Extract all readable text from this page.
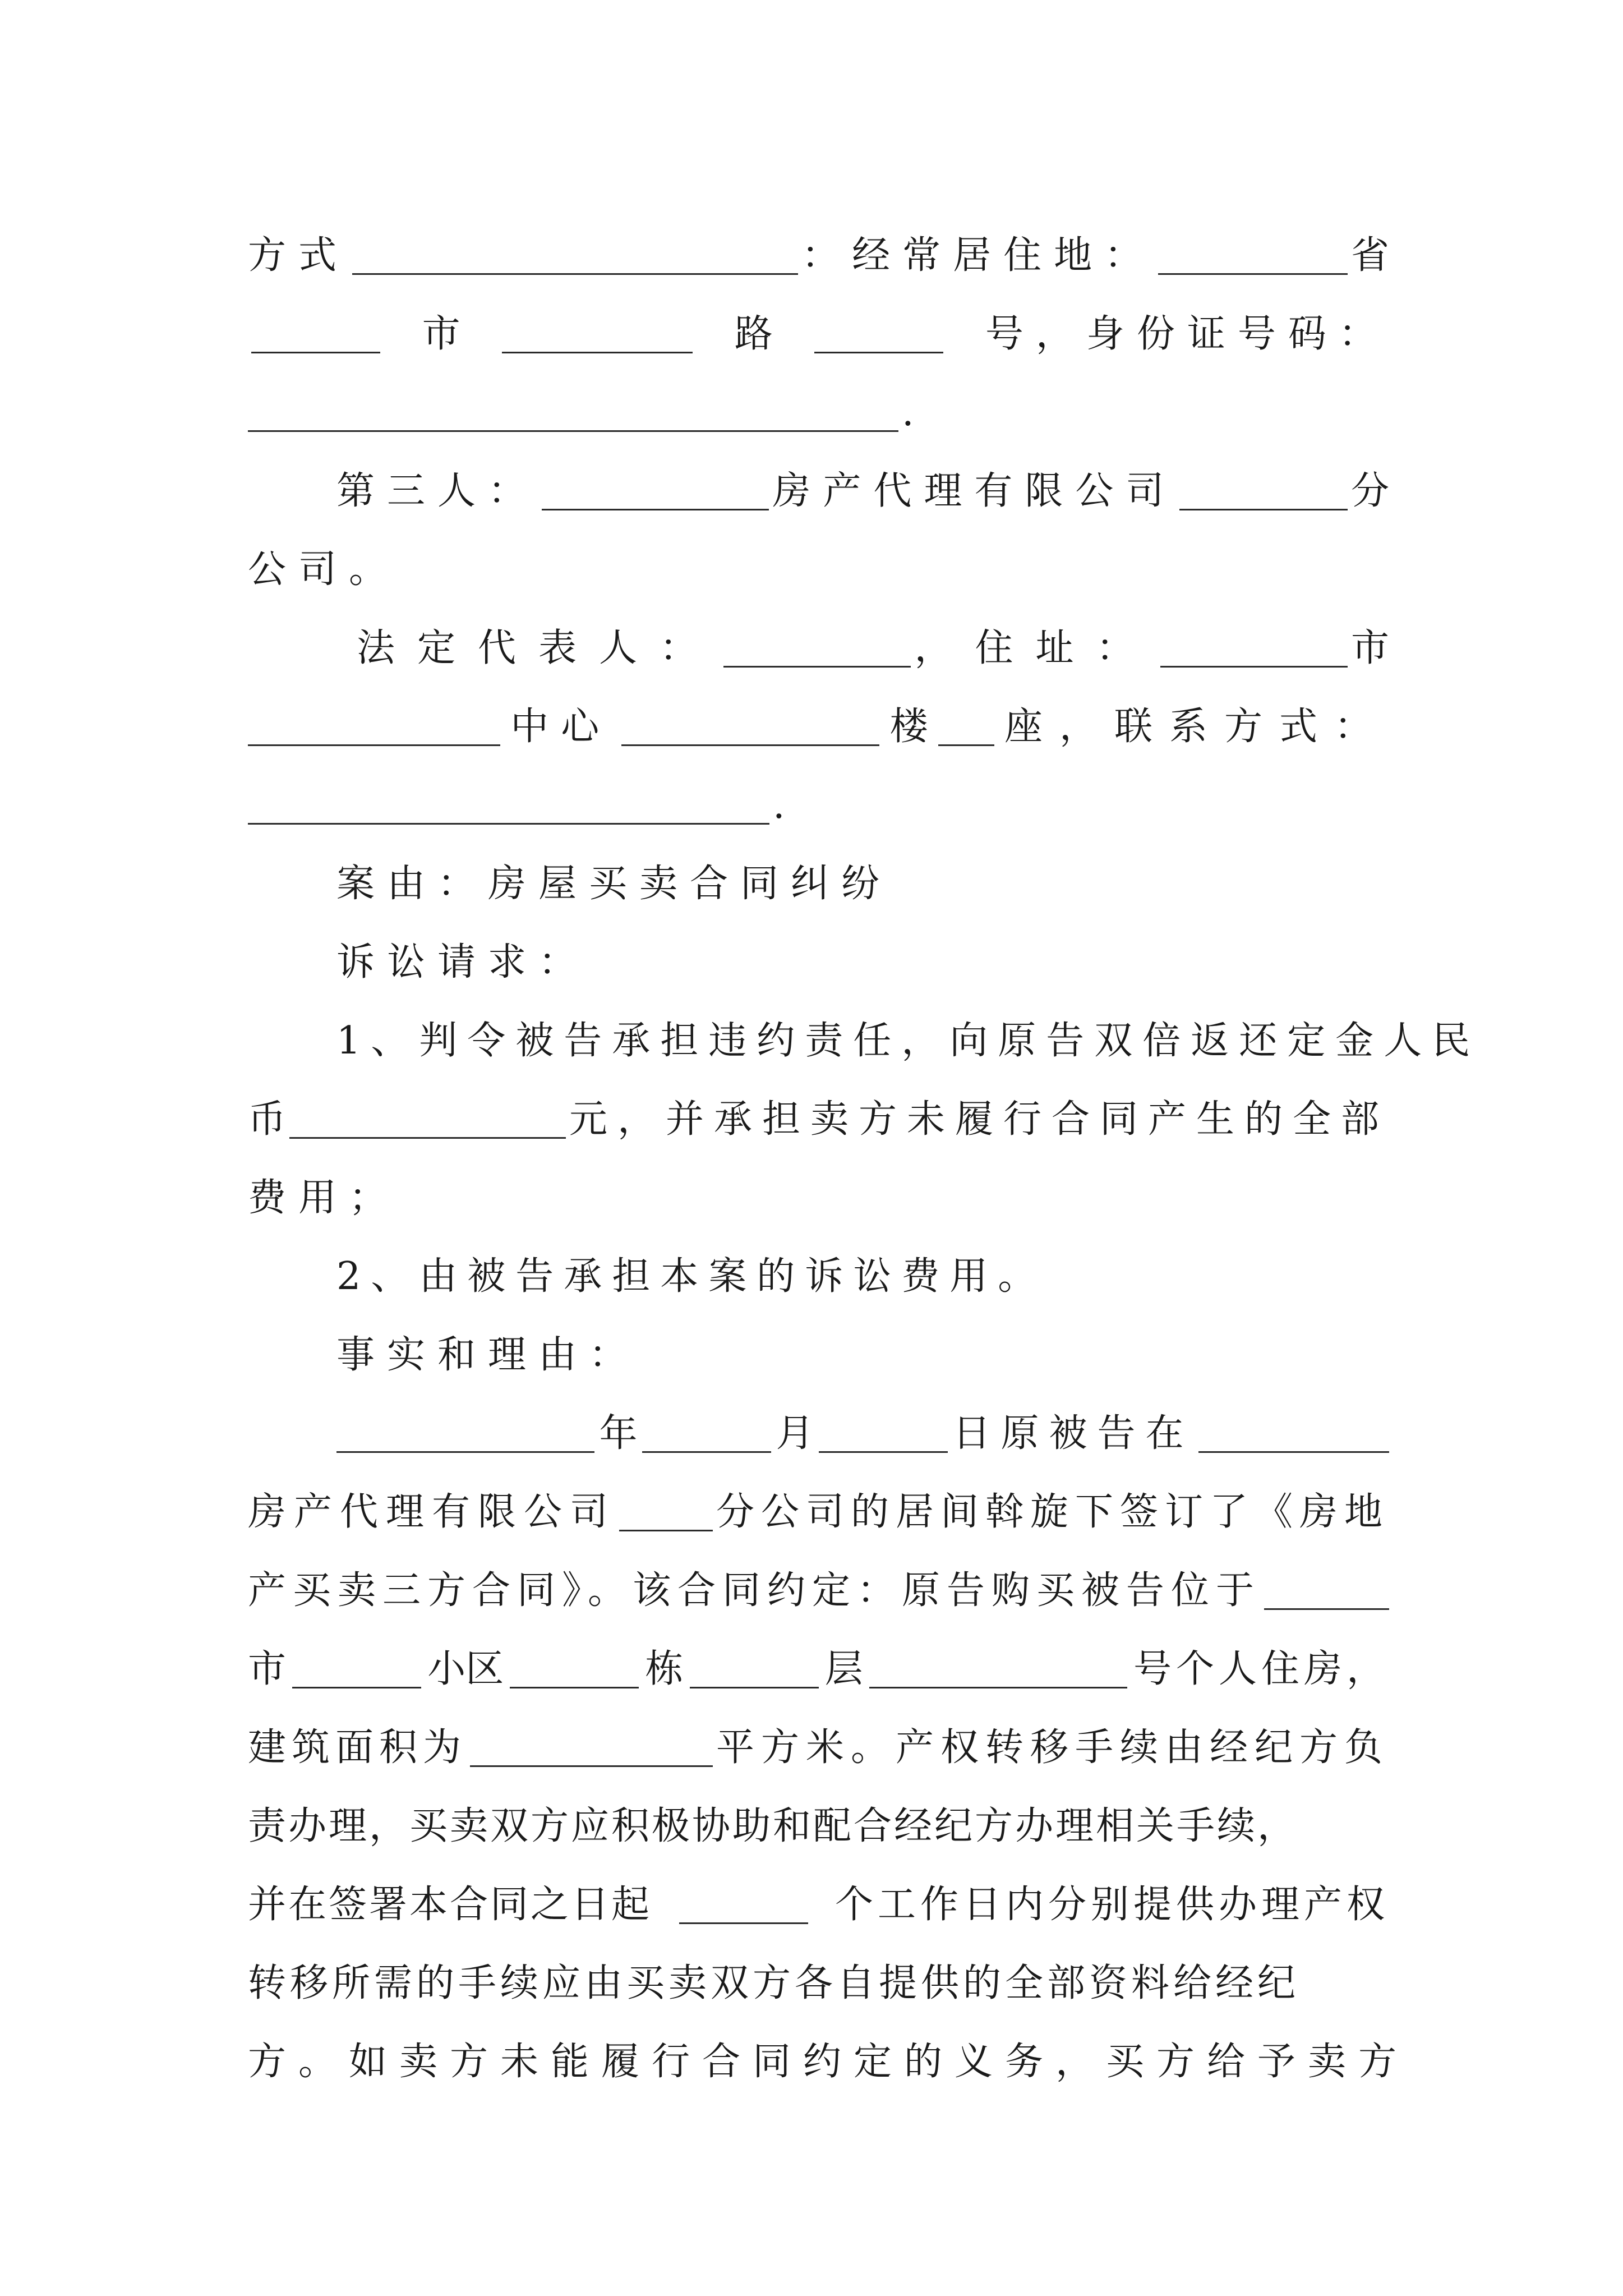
方式	：经常居住地：	省
市	路	号，身份证号码：
.
第三人：	房产代理有限公司	分
公司。
法定代表人：	，住址：	市
中心	楼 座，联系方式：
.
案由：房屋买卖合同纠纷
诉讼请求：
1、判令被告承担违约责任，向原告双倍返还定金人民
币	元，并承担卖方未履行合同产生的全部
费用；
2、由被告承担本案的诉讼费用。
事实和理由：
年	月	日原被告在
房产代理有限公司	分公司的居间斡旋下签订了《房地
产买卖三方合同》。该合同约定：原告购买被告位于
市	小区	栋	层	号个人住房，
建筑面积为	平方米。产权转移手续由经纪方负
责办理，买卖双方应积极协助和配合经纪方办理相关手续，
并在签署本合同之日起	个工作日内分别提供办理产权
转移所需的手续应由买卖双方各自提供的全部资料给经纪
方。如卖方未能履行合同约定的义务，买方给予卖方
